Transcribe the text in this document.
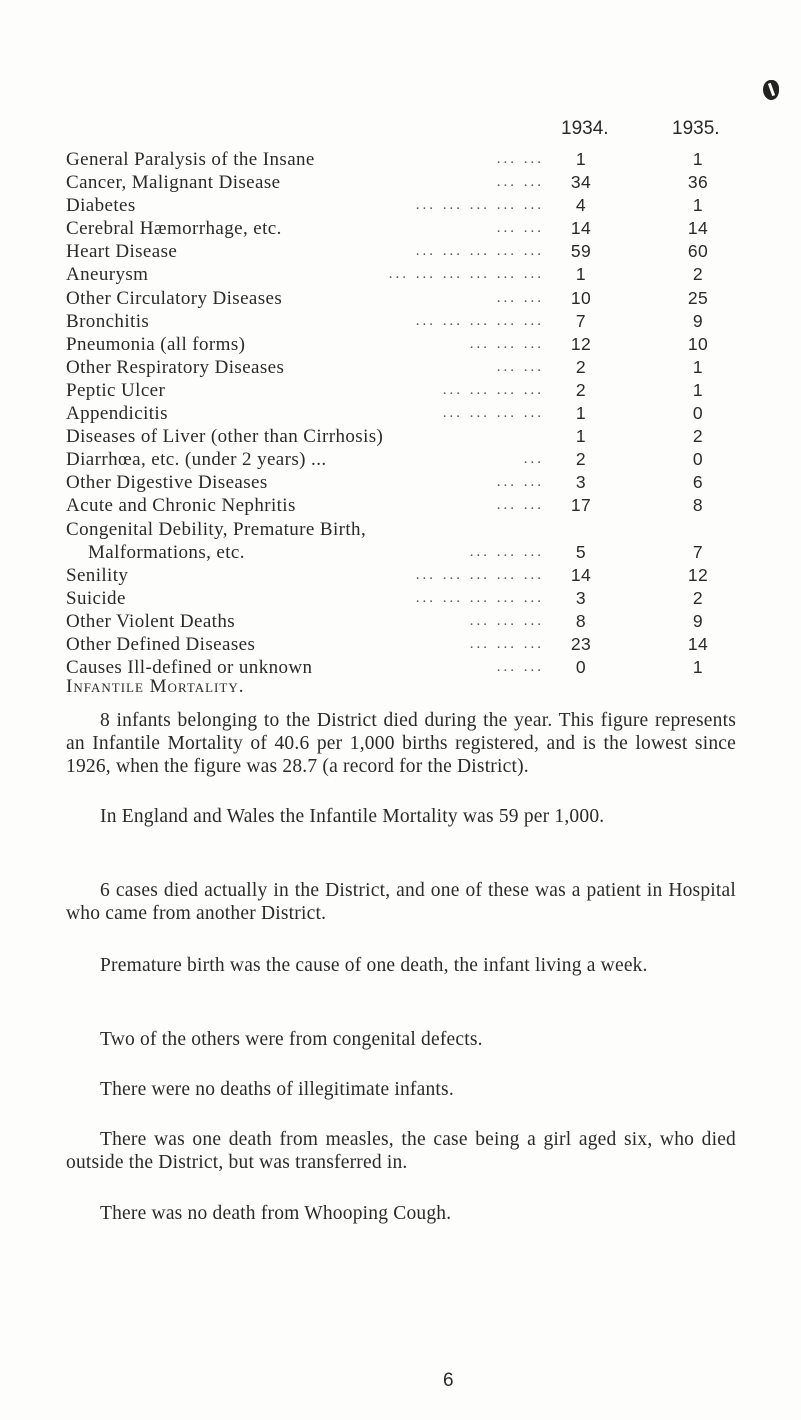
1934.	1935.
General Paralysis of the Insane	... ...	1	1
Cancer, Malignant Disease	... ...	34	36
Diabetes	... ... ... ... ...	4	1
Cerebral Hæmorrhage, etc.	... ...	14	14
Heart Disease	... ... ... ... ...	59	60
Aneurysm	... ... ... ... ... ...	1	2
Other Circulatory Diseases	... ...	10	25
Bronchitis	... ... ... ... ...	7	9
Pneumonia (all forms)	... ... ...	12	10
Other Respiratory Diseases	... ...	2	1
Peptic Ulcer	... ... ... ...	2	1
Appendicitis	... ... ... ...	1	0
Diseases of Liver (other than Cirrhosis)	1	2
Diarrhœa, etc. (under 2 years) ...	...	2	0
Other Digestive Diseases	... ...	3	6
Acute and Chronic Nephritis	... ...	17	8
Congenital Debility, Premature Birth,
Malformations, etc.	... ... ...	5	7
Senility	... ... ... ... ...	14	12
Suicide	... ... ... ... ...	3	2
Other Violent Deaths	... ... ...	8	9
Other Defined Diseases	... ... ...	23	14
Causes Ill-defined or unknown	... ...	0	1
Infantile Mortality.
8 infants belonging to the District died during the year. This figure represents an Infantile Mortality of 40.6 per 1,000 births registered, and is the lowest since 1926, when the figure was 28.7 (a record for the District).
In England and Wales the Infantile Mortality was 59 per 1,000.
6 cases died actually in the District, and one of these was a patient in Hospital who came from another District.
Premature birth was the cause of one death, the infant living a week.
Two of the others were from congenital defects.
There were no deaths of illegitimate infants.
There was one death from measles, the case being a girl aged six, who died outside the District, but was transferred in.
There was no death from Whooping Cough.
6
